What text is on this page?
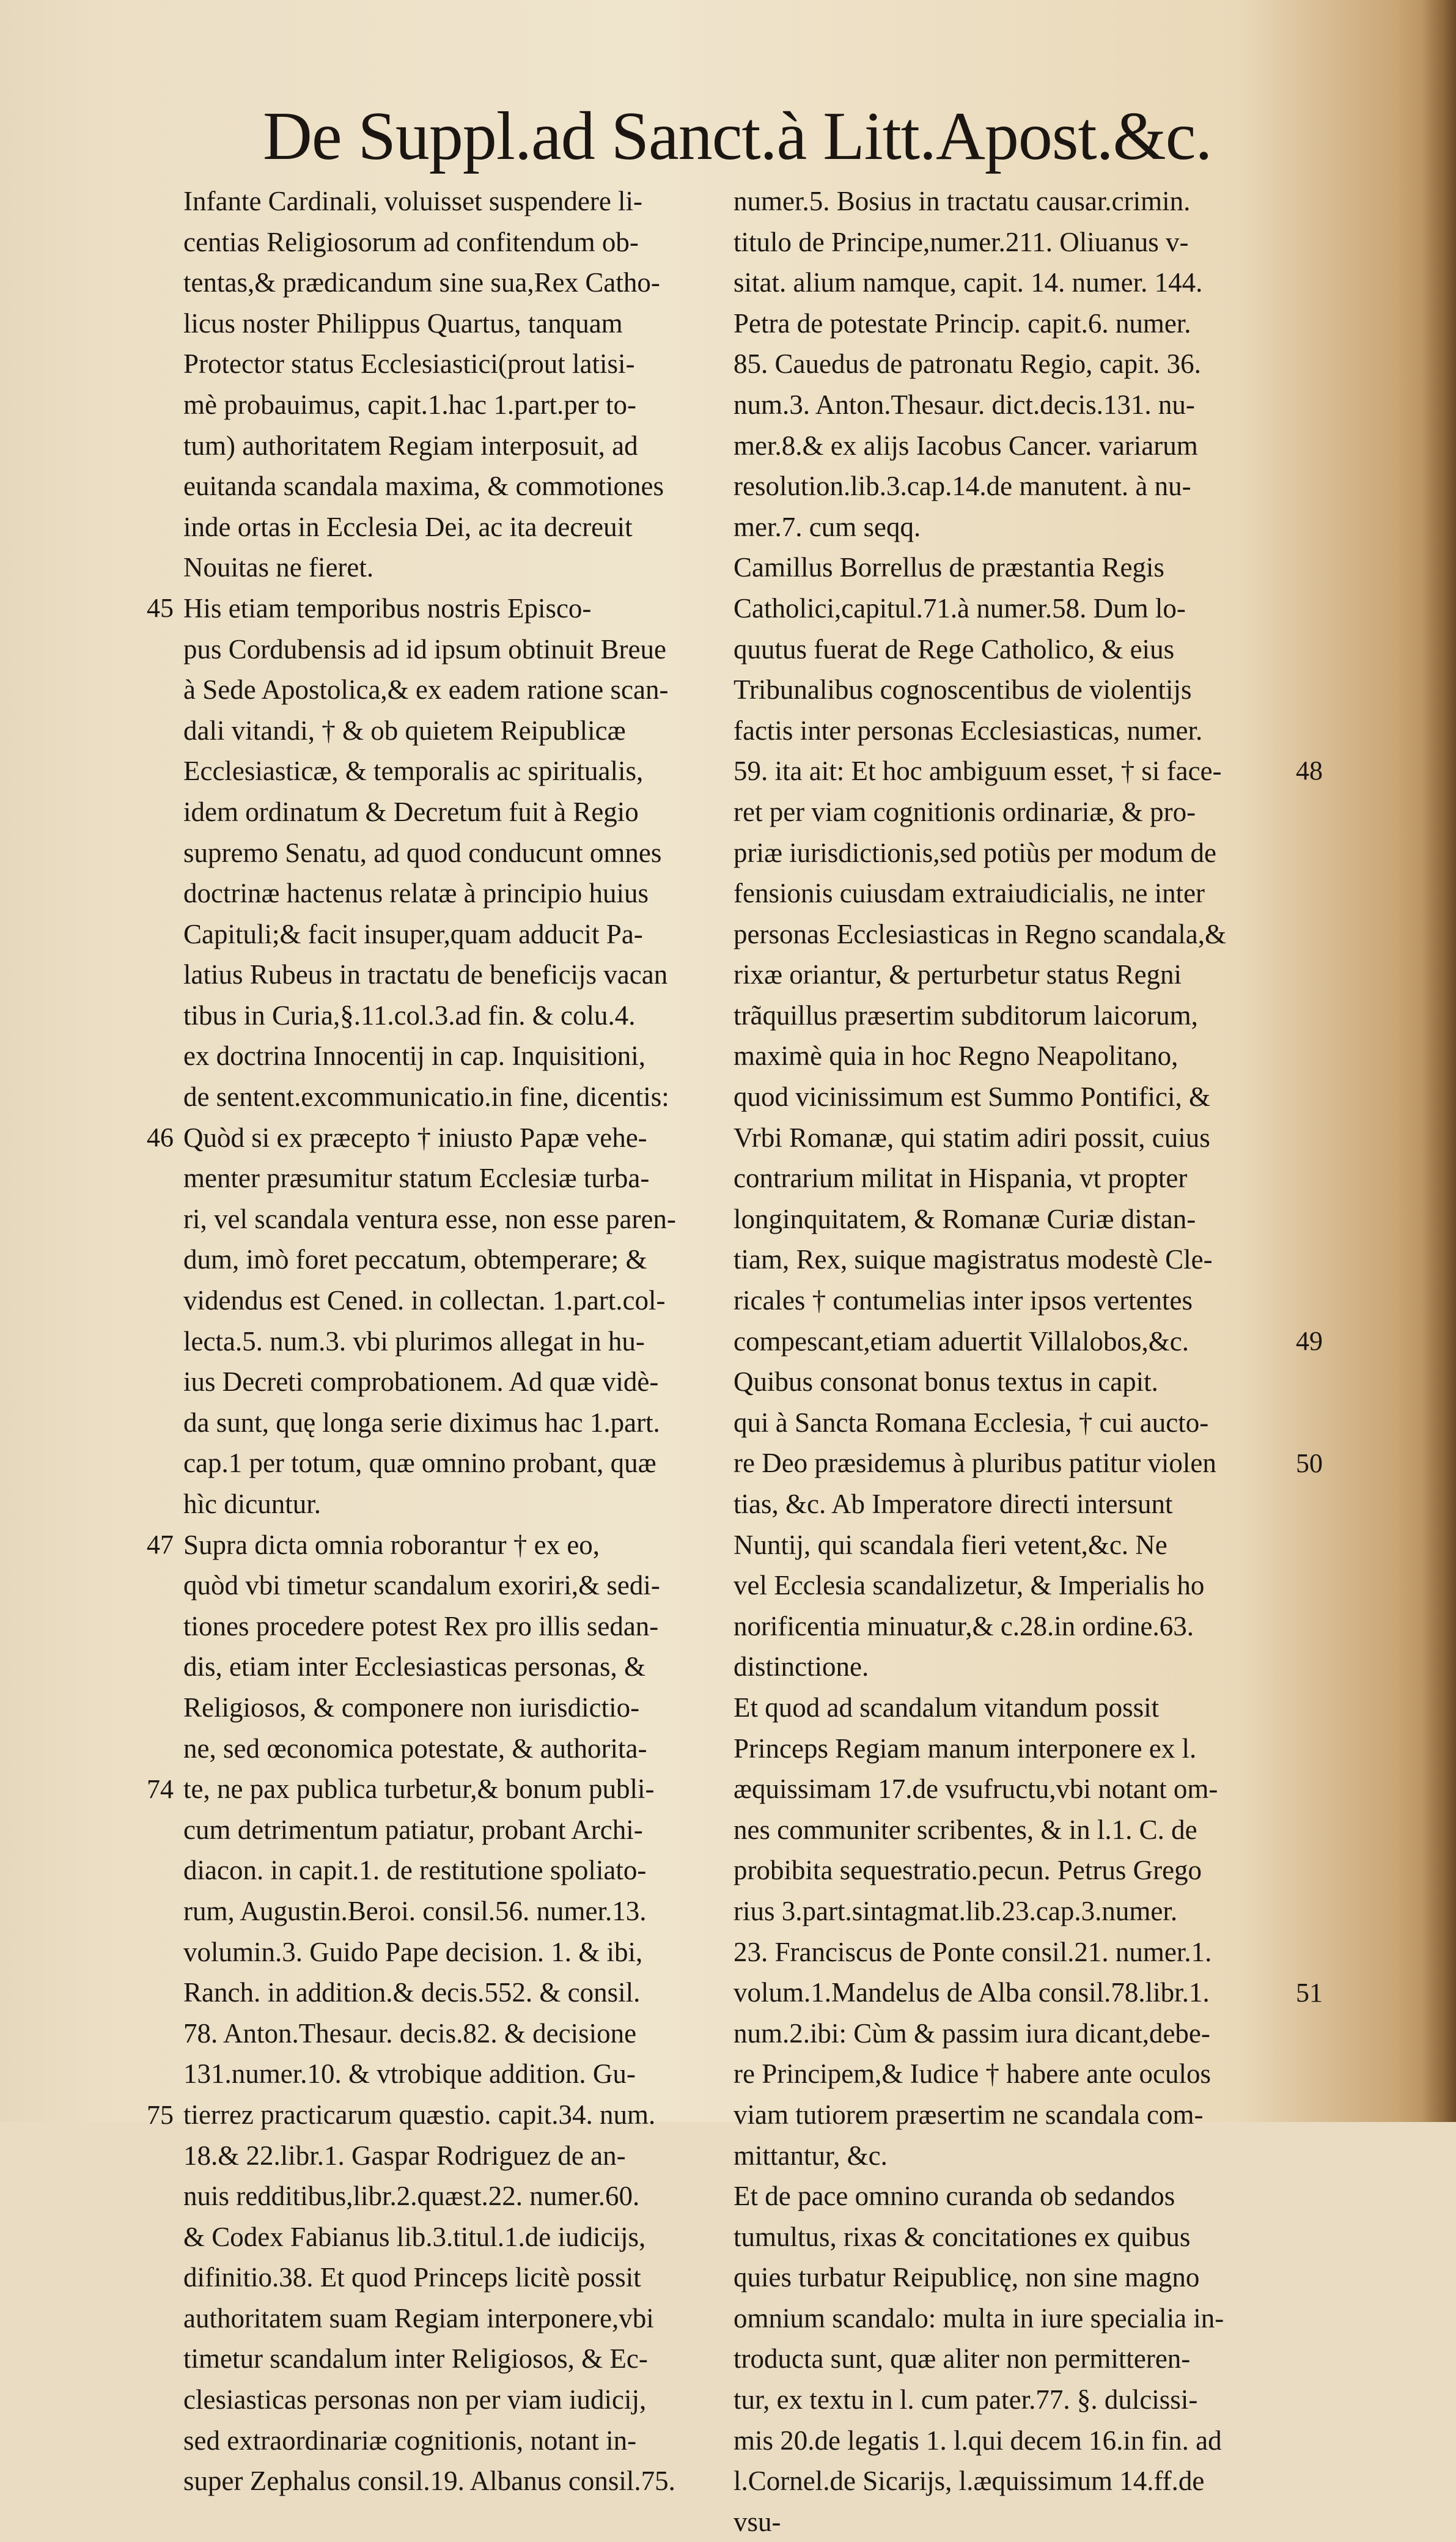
De Suppl.ad Sanct.à Litt.Apost.&c.
Infante Cardinali, voluisset suspendere li-
centias Religiosorum ad confitendum ob-
tentas,& prædicandum sine sua,Rex Catho-
licus noster Philippus Quartus, tanquam
Protector status Ecclesiastici(prout latisi-
mè probauimus, capit.1.hac 1.part.per to-
tum) authoritatem Regiam interposuit, ad
euitanda scandala maxima, & commotiones
inde ortas in Ecclesia Dei, ac ita decreuit
Nouitas ne fieret.
His etiam temporibus nostris Episco-
pus Cordubensis ad id ipsum obtinuit Breue
à Sede Apostolica,& ex eadem ratione scan-
dali vitandi, † & ob quietem Reipublicæ
Ecclesiasticæ, & temporalis ac spiritualis,
idem ordinatum & Decretum fuit à Regio
supremo Senatu, ad quod conducunt omnes
doctrinæ hactenus relatæ à principio huius
Capituli;& facit insuper,quam adducit Pa-
latius Rubeus in tractatu de beneficijs vacan
tibus in Curia,§.11.col.3.ad fin. & colu.4.
ex doctrina Innocentij in cap. Inquisitioni,
de sentent.excommunicatio.in fine, dicentis:
Quòd si ex præcepto † iniusto Papæ vehe-
menter præsumitur statum Ecclesiæ turba-
ri, vel scandala ventura esse, non esse paren-
dum, imò foret peccatum, obtemperare; &
videndus est Cened. in collectan. 1.part.col-
lecta.5. num.3. vbi plurimos allegat in hu-
ius Decreti comprobationem. Ad quæ vidè-
da sunt, quę longa serie diximus hac 1.part.
cap.1 per totum, quæ omnino probant, quæ
hìc dicuntur.
Supra dicta omnia roborantur † ex eo,
quòd vbi timetur scandalum exoriri,& sedi-
tiones procedere potest Rex pro illis sedan-
dis, etiam inter Ecclesiasticas personas, &
Religiosos, & componere non iurisdictio-
ne, sed œconomica potestate, & authorita-
te, ne pax publica turbetur,& bonum publi-
cum detrimentum patiatur, probant Archi-
diacon. in capit.1. de restitutione spoliato-
rum, Augustin.Beroi. consil.56. numer.13.
volumin.3. Guido Pape decision. 1. & ibi,
Ranch. in addition.& decis.552. & consil.
78. Anton.Thesaur. decis.82. & decisione
131.numer.10. & vtrobique addition. Gu-
tierrez practicarum quæstio. capit.34. num.
18.& 22.libr.1. Gaspar Rodriguez de an-
nuis redditibus,libr.2.quæst.22. numer.60.
& Codex Fabianus lib.3.titul.1.de iudicijs,
difinitio.38. Et quod Princeps licitè possit
authoritatem suam Regiam interponere,vbi
timetur scandalum inter Religiosos, & Ec-
clesiasticas personas non per viam iudicij,
sed extraordinariæ cognitionis, notant in-
super Zephalus consil.19. Albanus consil.75.
numer.5. Bosius in tractatu causar.crimin.
titulo de Principe,numer.211. Oliuanus v-
sitat. alium namque, capit. 14. numer. 144.
Petra de potestate Princip. capit.6. numer.
85. Cauedus de patronatu Regio, capit. 36.
num.3. Anton.Thesaur. dict.decis.131. nu-
mer.8.& ex alijs Iacobus Cancer. variarum
resolution.lib.3.cap.14.de manutent. à nu-
mer.7. cum seqq.
Camillus Borrellus de præstantia Regis
Catholici,capitul.71.à numer.58. Dum lo-
quutus fuerat de Rege Catholico, & eius
Tribunalibus cognoscentibus de violentijs
factis inter personas Ecclesiasticas, numer.
59. ita ait: Et hoc ambiguum esset, † si face-
ret per viam cognitionis ordinariæ, & pro-
priæ iurisdictionis,sed potiùs per modum de
fensionis cuiusdam extraiudicialis, ne inter
personas Ecclesiasticas in Regno scandala,&
rixæ oriantur, & perturbetur status Regni
trãquillus præsertim subditorum laicorum,
maximè quia in hoc Regno Neapolitano,
quod vicinissimum est Summo Pontifici, &
Vrbi Romanæ, qui statim adiri possit, cuius
contrarium militat in Hispania, vt propter
longinquitatem, & Romanæ Curiæ distan-
tiam, Rex, suique magistratus modestè Cle-
ricales † contumelias inter ipsos vertentes
compescant,etiam aduertit Villalobos,&c.
Quibus consonat bonus textus in capit.
qui à Sancta Romana Ecclesia, † cui aucto-
re Deo præsidemus à pluribus patitur violen
tias, &c. Ab Imperatore directi intersunt
Nuntij, qui scandala fieri vetent,&c. Ne
vel Ecclesia scandalizetur, & Imperialis ho
norificentia minuatur,& c.28.in ordine.63.
distinctione.
Et quod ad scandalum vitandum possit
Princeps Regiam manum interponere ex l.
æquissimam 17.de vsufructu,vbi notant om-
nes communiter scribentes, & in l.1. C. de
probibita sequestratio.pecun. Petrus Grego
rius 3.part.sintagmat.lib.23.cap.3.numer.
23. Franciscus de Ponte consil.21. numer.1.
volum.1.Mandelus de Alba consil.78.libr.1.
num.2.ibi: Cùm & passim iura dicant,debe-
re Principem,& Iudice † habere ante oculos
viam tutiorem præsertim ne scandala com-
mittantur, &c.
Et de pace omnino curanda ob sedandos
tumultus, rixas & concitationes ex quibus
quies turbatur Reipublicę, non sine magno
omnium scandalo: multa in iure specialia in-
troducta sunt, quæ aliter non permitteren-
tur, ex textu in l. cum pater.77. §. dulcissi-
mis 20.de legatis 1. l.qui decem 16.in fin. ad
l.Cornel.de Sicarijs, l.æquissimum 14.ff.de
vsu-
45
46
47
74
75
48
49
50
51
